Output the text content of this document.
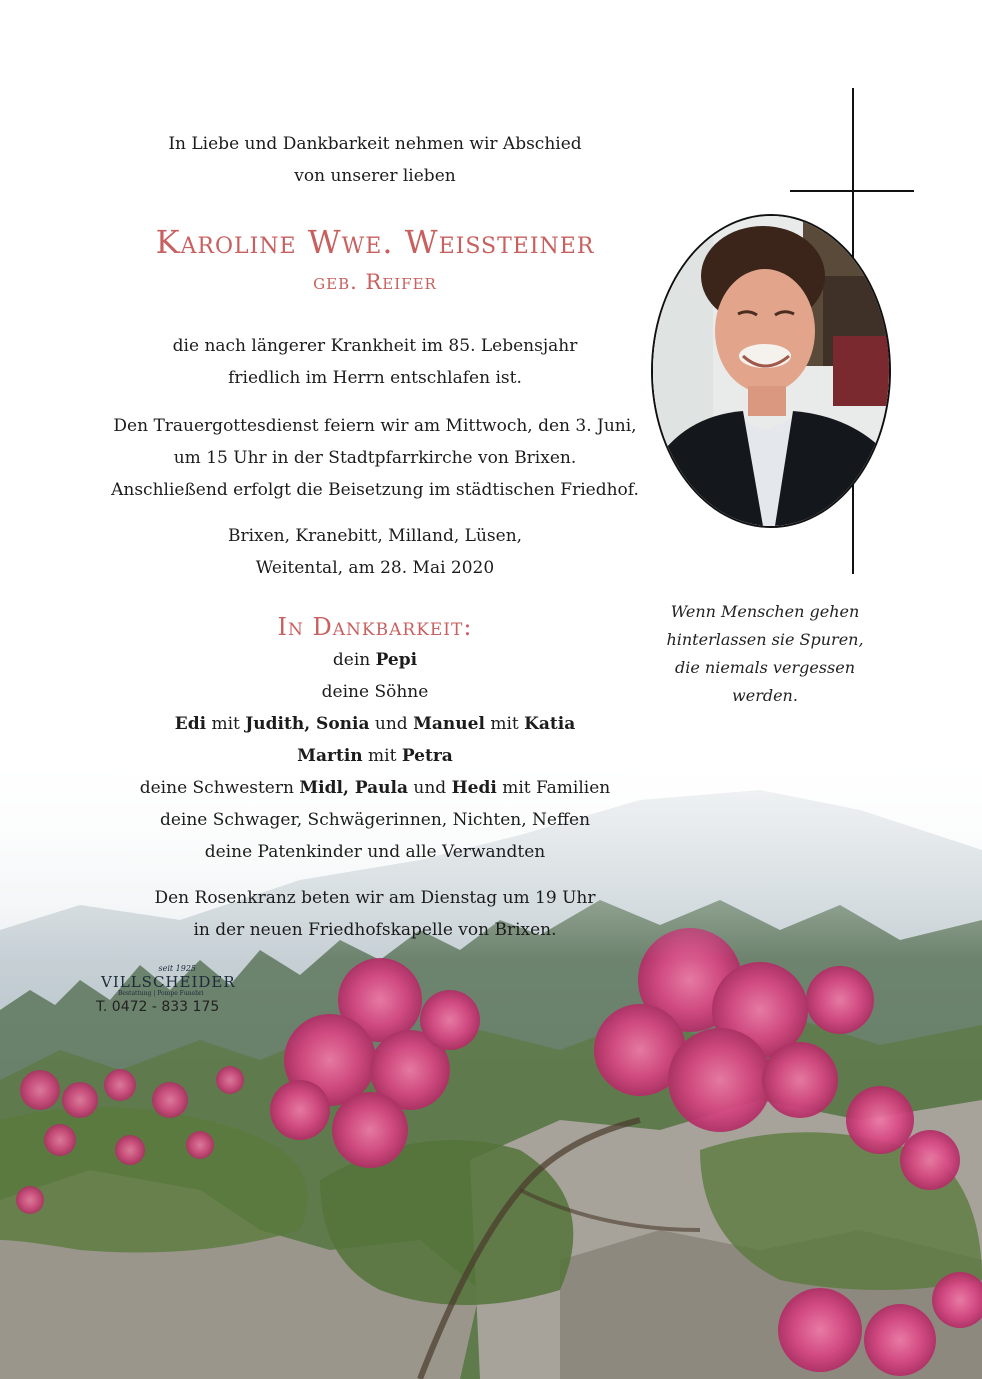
In Liebe und Dankbarkeit nehmen wir Abschied
von unserer lieben
Karoline Wwe. Weissteiner
geb. Reifer
die nach längerer Krankheit im 85. Lebensjahr
friedlich im Herrn entschlafen ist.
Den Trauergottesdienst feiern wir am Mittwoch, den 3. Juni,
um 15 Uhr in der Stadtpfarrkirche von Brixen.
Anschließend erfolgt die Beisetzung im städtischen Friedhof.
Brixen, Kranebitt, Milland, Lüsen,
Weitental, am 28. Mai 2020
In Dankbarkeit:
dein Pepi
deine Söhne
Edi mit Judith, Sonia und Manuel mit Katia
Martin mit Petra
deine Schwestern Midl, Paula und Hedi mit Familien
deine Schwager, Schwägerinnen, Nichten, Neffen
deine Patenkinder und alle Verwandten
Den Rosenkranz beten wir am Dienstag um 19 Uhr
in der neuen Friedhofskapelle von Brixen.
Wenn Menschen gehen
hinterlassen sie Spuren,
die niemals vergessen werden.
seit 1925
VILLSCHEIDER
Bestattung | Pompe Funebri
T. 0472 - 833 175
